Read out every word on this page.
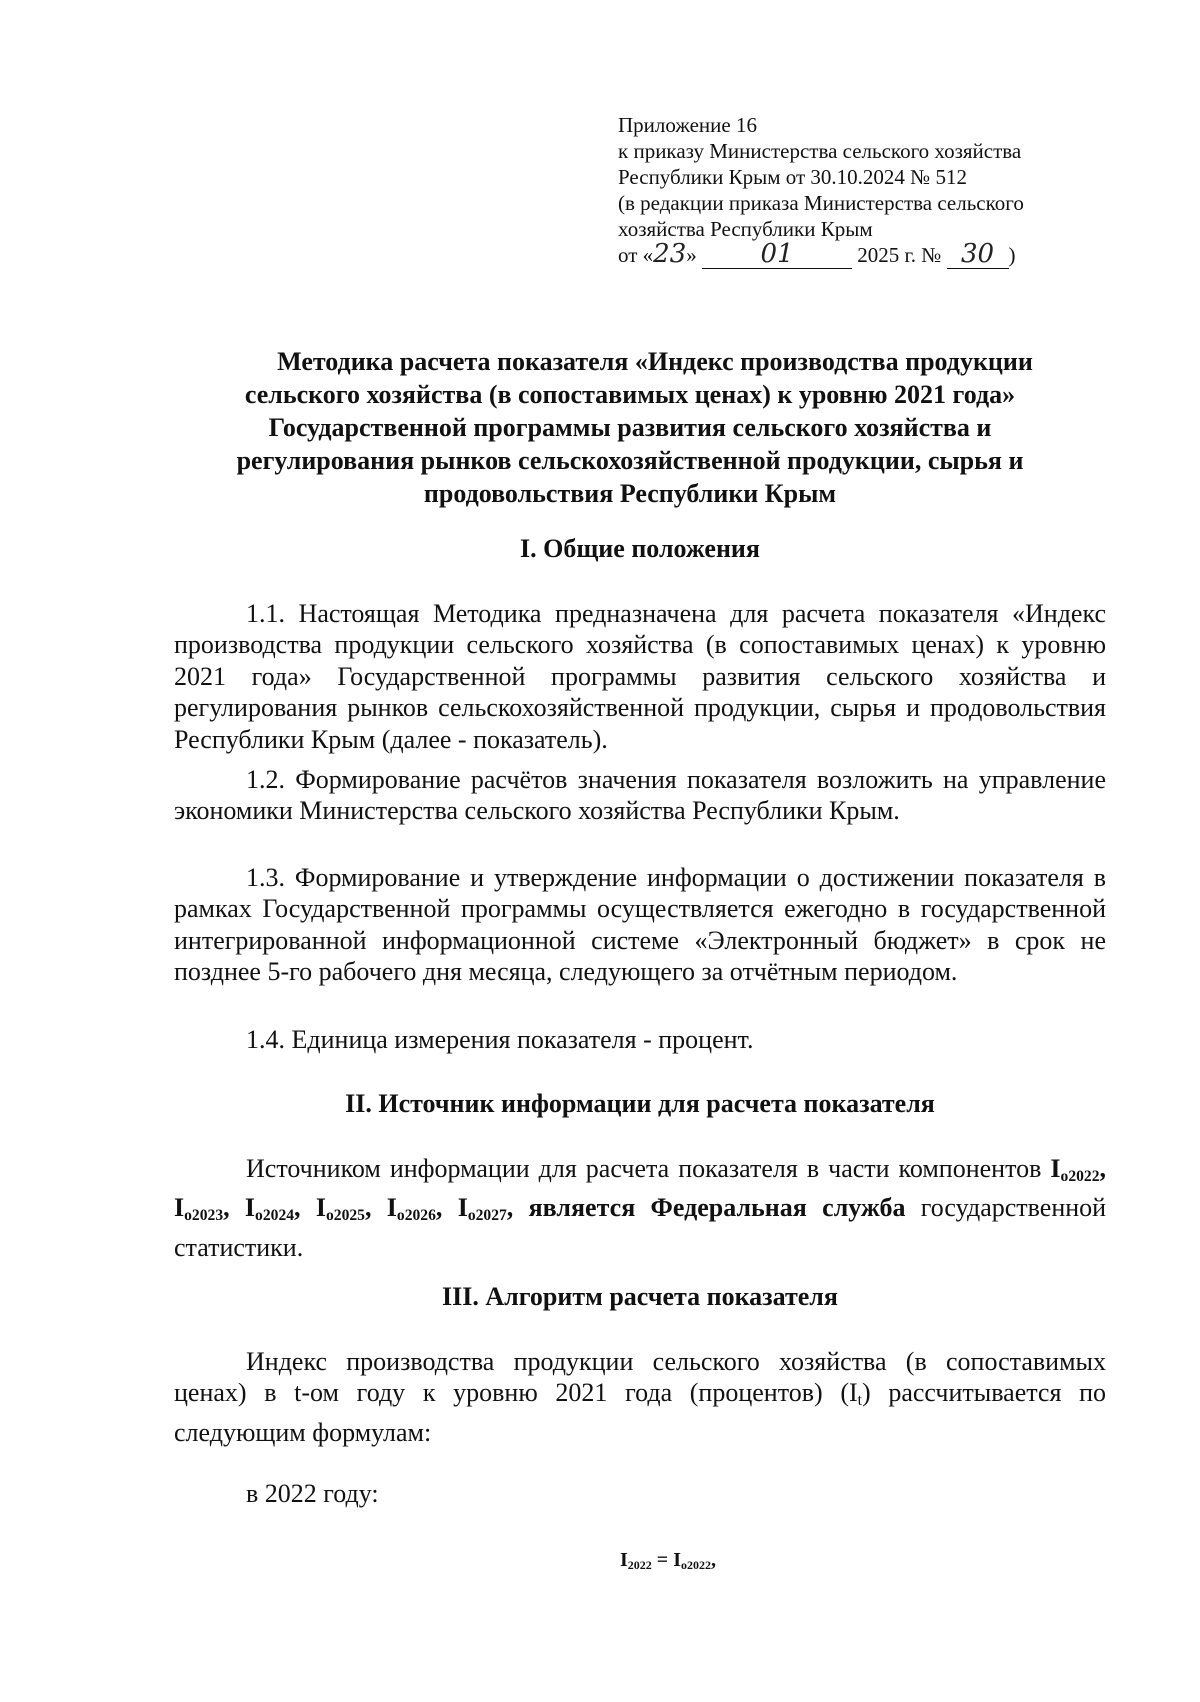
Приложение 16
к приказу Министерства сельского хозяйства
Республики Крым от 30.10.2024 № 512
(в редакции приказа Министерства сельского
хозяйства Республики Крым
от «23» 01	2025 г. № 30 )
Методика расчета показателя «Индекс производства продукции
сельского хозяйства (в сопоставимых ценах) к уровню 2021 года»
Государственной программы развития сельского хозяйства и
регулирования рынков сельскохозяйственной продукции, сырья и
продовольствия Республики Крым
I. Общие положения
1.1. Настоящая Методика предназначена для расчета показателя «Индекс производства продукции сельского хозяйства (в сопоставимых ценах) к уровню 2021 года» Государственной программы развития сельского хозяйства и регулирования рынков сельскохозяйственной продукции, сырья и продовольствия Республики Крым (далее - показатель).
1.2. Формирование расчётов значения показателя возложить на управление экономики Министерства сельского хозяйства Республики Крым.
1.3. Формирование и утверждение информации о достижении показателя в рамках Государственной программы осуществляется ежегодно в государственной интегрированной информационной системе «Электронный бюджет» в срок не позднее 5-го рабочего дня месяца, следующего за отчётным периодом.
1.4. Единица измерения показателя - процент.
II. Источник информации для расчета показателя
Источником информации для расчета показателя в части компонентов $I_{o2022}$, $I_{o2023}$, $I_{o2024}$, $I_{o2025}$, $I_{o2026}$, $I_{o2027}$, является Федеральная служба государственной статистики.
III. Алгоритм расчета показателя
Индекс производства продукции сельского хозяйства (в сопоставимых ценах) в t-ом году к уровню 2021 года (процентов) $(I_t)$ рассчитывается по следующим формулам:
в 2022 году:
$I_{2022} = I_{o2022}$,
